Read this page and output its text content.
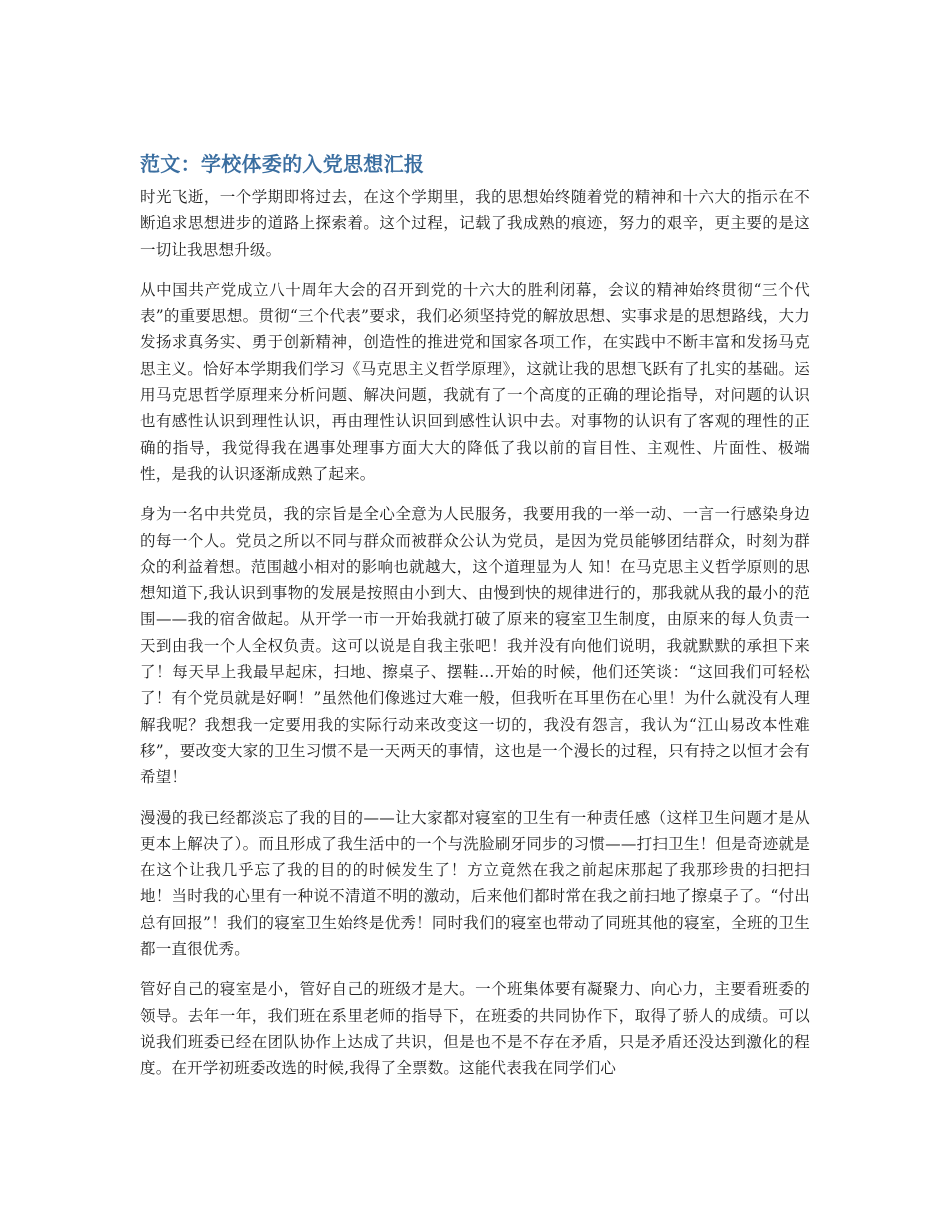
范文：学校体委的入党思想汇报

时光飞逝，一个学期即将过去，在这个学期里，我的思想始终随着党的精神和十六大的指示在不断追求思想进步的道路上探索着。这个过程，记载了我成熟的痕迹，努力的艰辛，更主要的是这一切让我思想升级。

从中国共产党成立八十周年大会的召开到党的十六大的胜利闭幕，会议的精神始终贯彻“三个代表”的重要思想。贯彻“三个代表”要求，我们必须坚持党的解放思想、实事求是的思想路线，大力发扬求真务实、勇于创新精神，创造性的推进党和国家各项工作，在实践中不断丰富和发扬马克思主义。恰好本学期我们学习《马克思主义哲学原理》，这就让我的思想飞跃有了扎实的基础。运用马克思哲学原理来分析问题、解决问题，我就有了一个高度的正确的理论指导，对问题的认识也有感性认识到理性认识，再由理性认识回到感性认识中去。对事物的认识有了客观的理性的正确的指导，我觉得我在遇事处理事方面大大的降低了我以前的盲目性、主观性、片面性、极端性，是我的认识逐渐成熟了起来。

身为一名中共党员，我的宗旨是全心全意为人民服务，我要用我的一举一动、一言一行感染身边的每一个人。党员之所以不同与群众而被群众公认为党员，是因为党员能够团结群众，时刻为群众的利益着想。范围越小相对的影响也就越大，这个道理显为人 知！在马克思主义哲学原则的思想知道下,我认识到事物的发展是按照由小到大、由慢到快的规律进行的，那我就从我的最小的范围——我的宿舍做起。从开学一市一开始我就打破了原来的寝室卫生制度，由原来的每人负责一天到由我一个人全权负责。这可以说是自我主张吧！我并没有向他们说明，我就默默的承担下来了！每天早上我最早起床，扫地、擦桌子、摆鞋...开始的时候，他们还笑谈：“这回我们可轻松了！有个党员就是好啊！”虽然他们像逃过大难一般，但我听在耳里伤在心里！为什么就没有人理解我呢？我想我一定要用我的实际行动来改变这一切的，我没有怨言，我认为“江山易改本性难移”，要改变大家的卫生习惯不是一天两天的事情，这也是一个漫长的过程，只有持之以恒才会有希望！

漫漫的我已经都淡忘了我的目的——让大家都对寝室的卫生有一种责任感（这样卫生问题才是从更本上解决了）。而且形成了我生活中的一个与洗脸刷牙同步的习惯——打扫卫生！但是奇迹就是在这个让我几乎忘了我的目的的时候发生了！方立竟然在我之前起床那起了我那珍贵的扫把扫地！当时我的心里有一种说不清道不明的激动，后来他们都时常在我之前扫地了擦桌子了。“付出总有回报”！我们的寝室卫生始终是优秀！同时我们的寝室也带动了同班其他的寝室，全班的卫生都一直很优秀。

管好自己的寝室是小，管好自己的班级才是大。一个班集体要有凝聚力、向心力，主要看班委的领导。去年一年，我们班在系里老师的指导下，在班委的共同协作下，取得了骄人的成绩。可以说我们班委已经在团队协作上达成了共识，但是也不是不存在矛盾，只是矛盾还没达到激化的程度。在开学初班委改选的时候,我得了全票数。这能代表我在同学们心
